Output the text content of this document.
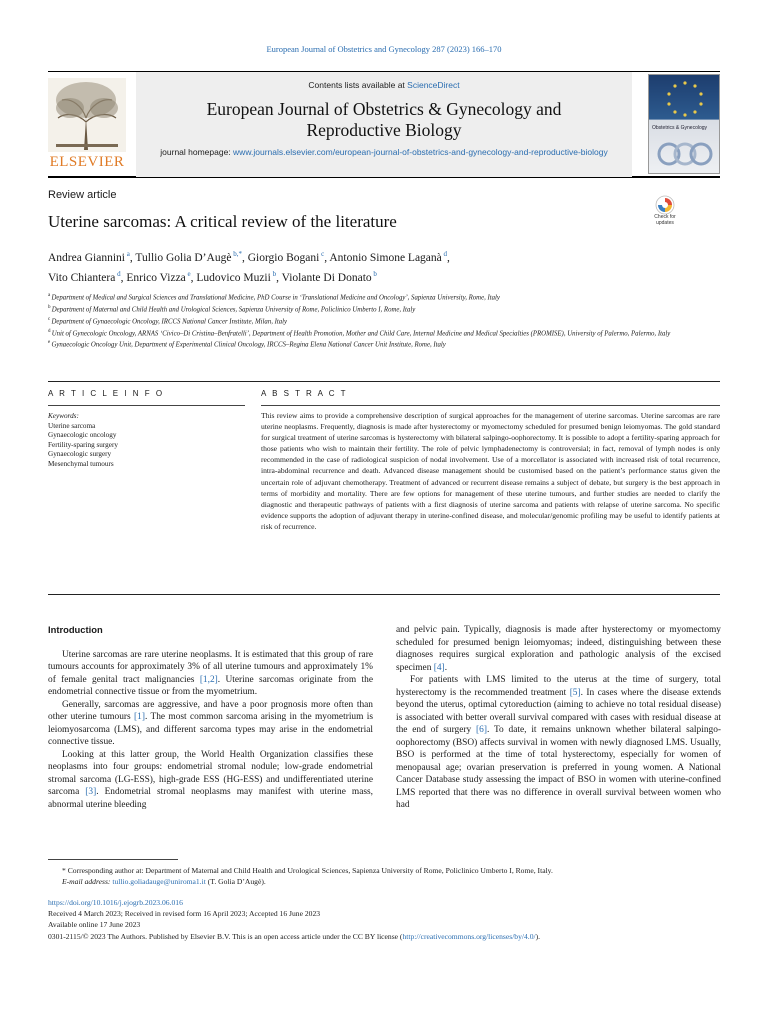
European Journal of Obstetrics and Gynecology 287 (2023) 166–170
ELSEVIER
Contents lists available at ScienceDirect
European Journal of Obstetrics & Gynecology and
Reproductive Biology
journal homepage: www.journals.elsevier.com/european-journal-of-obstetrics-and-gynecology-and-reproductive-biology
Obstetrics & Gynecology
Review article
Uterine sarcomas: A critical review of the literature	Check for updates
Andrea Giannini $^a$, Tullio Golia D’Augè $^{b,*}$, Giorgio Bogani $^c$, Antonio Simone Laganà $^d$,
Vito Chiantera $^d$, Enrico Vizza $^e$, Ludovico Muzii $^b$, Violante Di Donato $^b$
$^a$ Department of Medical and Surgical Sciences and Translational Medicine, PhD Course in ‘Translational Medicine and Oncology’, Sapienza University, Rome, Italy
$^b$ Department of Maternal and Child Health and Urological Sciences, Sapienza University of Rome, Policlinico Umberto I, Rome, Italy
$^c$ Department of Gynaecologic Oncology, IRCCS National Cancer Institute, Milan, Italy
$^d$ Unit of Gynecologic Oncology, ARNAS ‘Civico–Di Cristina–Benfratelli’, Department of Health Promotion, Mother and Child Care, Internal Medicine and Medical Specialties (PROMISE), University of Palermo, Palermo, Italy
$^e$ Gynaecologic Oncology Unit, Department of Experimental Clinical Oncology, IRCCS–Regina Elena National Cancer Unit Institute, Rome, Italy
A R T I C L E I N F O	A B S T R A C T
Keywords:
Uterine sarcoma
Gynaecologic oncology
Fertility-sparing surgery
Gynaecologic surgery
Mesenchymal tumours
This review aims to provide a comprehensive description of surgical approaches for the management of uterine sarcomas. Uterine sarcomas are rare uterine neoplasms. Frequently, diagnosis is made after hysterectomy or myomectomy scheduled for presumed benign leiomyomas. The gold standard for surgical treatment of uterine sarcomas is hysterectomy with bilateral salpingo-oophorectomy. It is possible to adopt a fertility-sparing approach for those patients who wish to maintain their fertility. The role of pelvic lymphadenectomy is controversial; in fact, removal of lymph nodes is only recommended in the case of radiological suspicion of nodal involvement. Use of a morcellator is associated with increased risk of total recurrence, intra-abdominal recurrence and death. Advanced disease management should be customised based on the patient’s performance status given the uncertain role of adjuvant chemotherapy. Treatment of advanced or recurrent disease remains a subject of debate, but surgery is the best approach in terms of morbidity and mortality. There are few options for management of these uterine tumours, and further studies are needed to clarify the diagnostic and therapeutic pathways of patients with a first diagnosis of uterine sarcoma and patients with relapse of uterine sarcoma. No specific evidence supports the adoption of adjuvant therapy in uterine-confined disease, and molecular/genomic profiling may be useful to identify patients at risk of recurrence.
Introduction

Uterine sarcomas are rare uterine neoplasms. It is estimated that this group of rare tumours accounts for approximately 3% of all uterine tumours and approximately 1% of female genital tract malignancies [1,2]. Uterine sarcomas originate from the endometrial connective tissue or from the myometrium.

Generally, sarcomas are aggressive, and have a poor prognosis more often than other uterine tumours [1]. The most common sarcoma arising in the myometrium is leiomyosarcoma (LMS), and different sarcoma types may arise in the endometrial connective tissue.

Looking at this latter group, the World Health Organization classifies these neoplasms into four groups: endometrial stromal nodule; low-grade endometrial stromal sarcoma (LG-ESS), high-grade ESS (HG-ESS) and undifferentiated uterine sarcoma [3]. Endometrial stromal neoplasms may manifest with uterine mass, abnormal uterine bleeding

and pelvic pain. Typically, diagnosis is made after hysterectomy or myomectomy scheduled for presumed benign leiomyomas; indeed, distinguishing between these diagnoses requires surgical exploration and pathologic analysis of the excised specimen [4].

For patients with LMS limited to the uterus at the time of surgery, total hysterectomy is the recommended treatment [5]. In cases where the disease extends beyond the uterus, optimal cytoreduction (aiming to achieve no total residual disease) is associated with better overall survival compared with cases with residual disease at the end of surgery [6]. To date, it remains unknown whether bilateral salpingo-oophorectomy (BSO) affects survival in women with newly diagnosed LMS. Usually, BSO is performed at the time of total hysterectomy, especially for women of menopausal age; ovarian preservation is preferred in young women. A National Cancer Database study assessing the impact of BSO in women with uterine-confined LMS reported that there was no difference in overall survival between women who had

* Corresponding author at: Department of Maternal and Child Health and Urological Sciences, Sapienza University of Rome, Policlinico Umberto I, Rome, Italy.
E-mail address: tullio.goliadauge@uniroma1.it (T. Golia D’Augè).
https://doi.org/10.1016/j.ejogrb.2023.06.016
Received 4 March 2023; Received in revised form 16 April 2023; Accepted 16 June 2023
Available online 17 June 2023
0301-2115/© 2023 The Authors. Published by Elsevier B.V. This is an open access article under the CC BY license (http://creativecommons.org/licenses/by/4.0/).
